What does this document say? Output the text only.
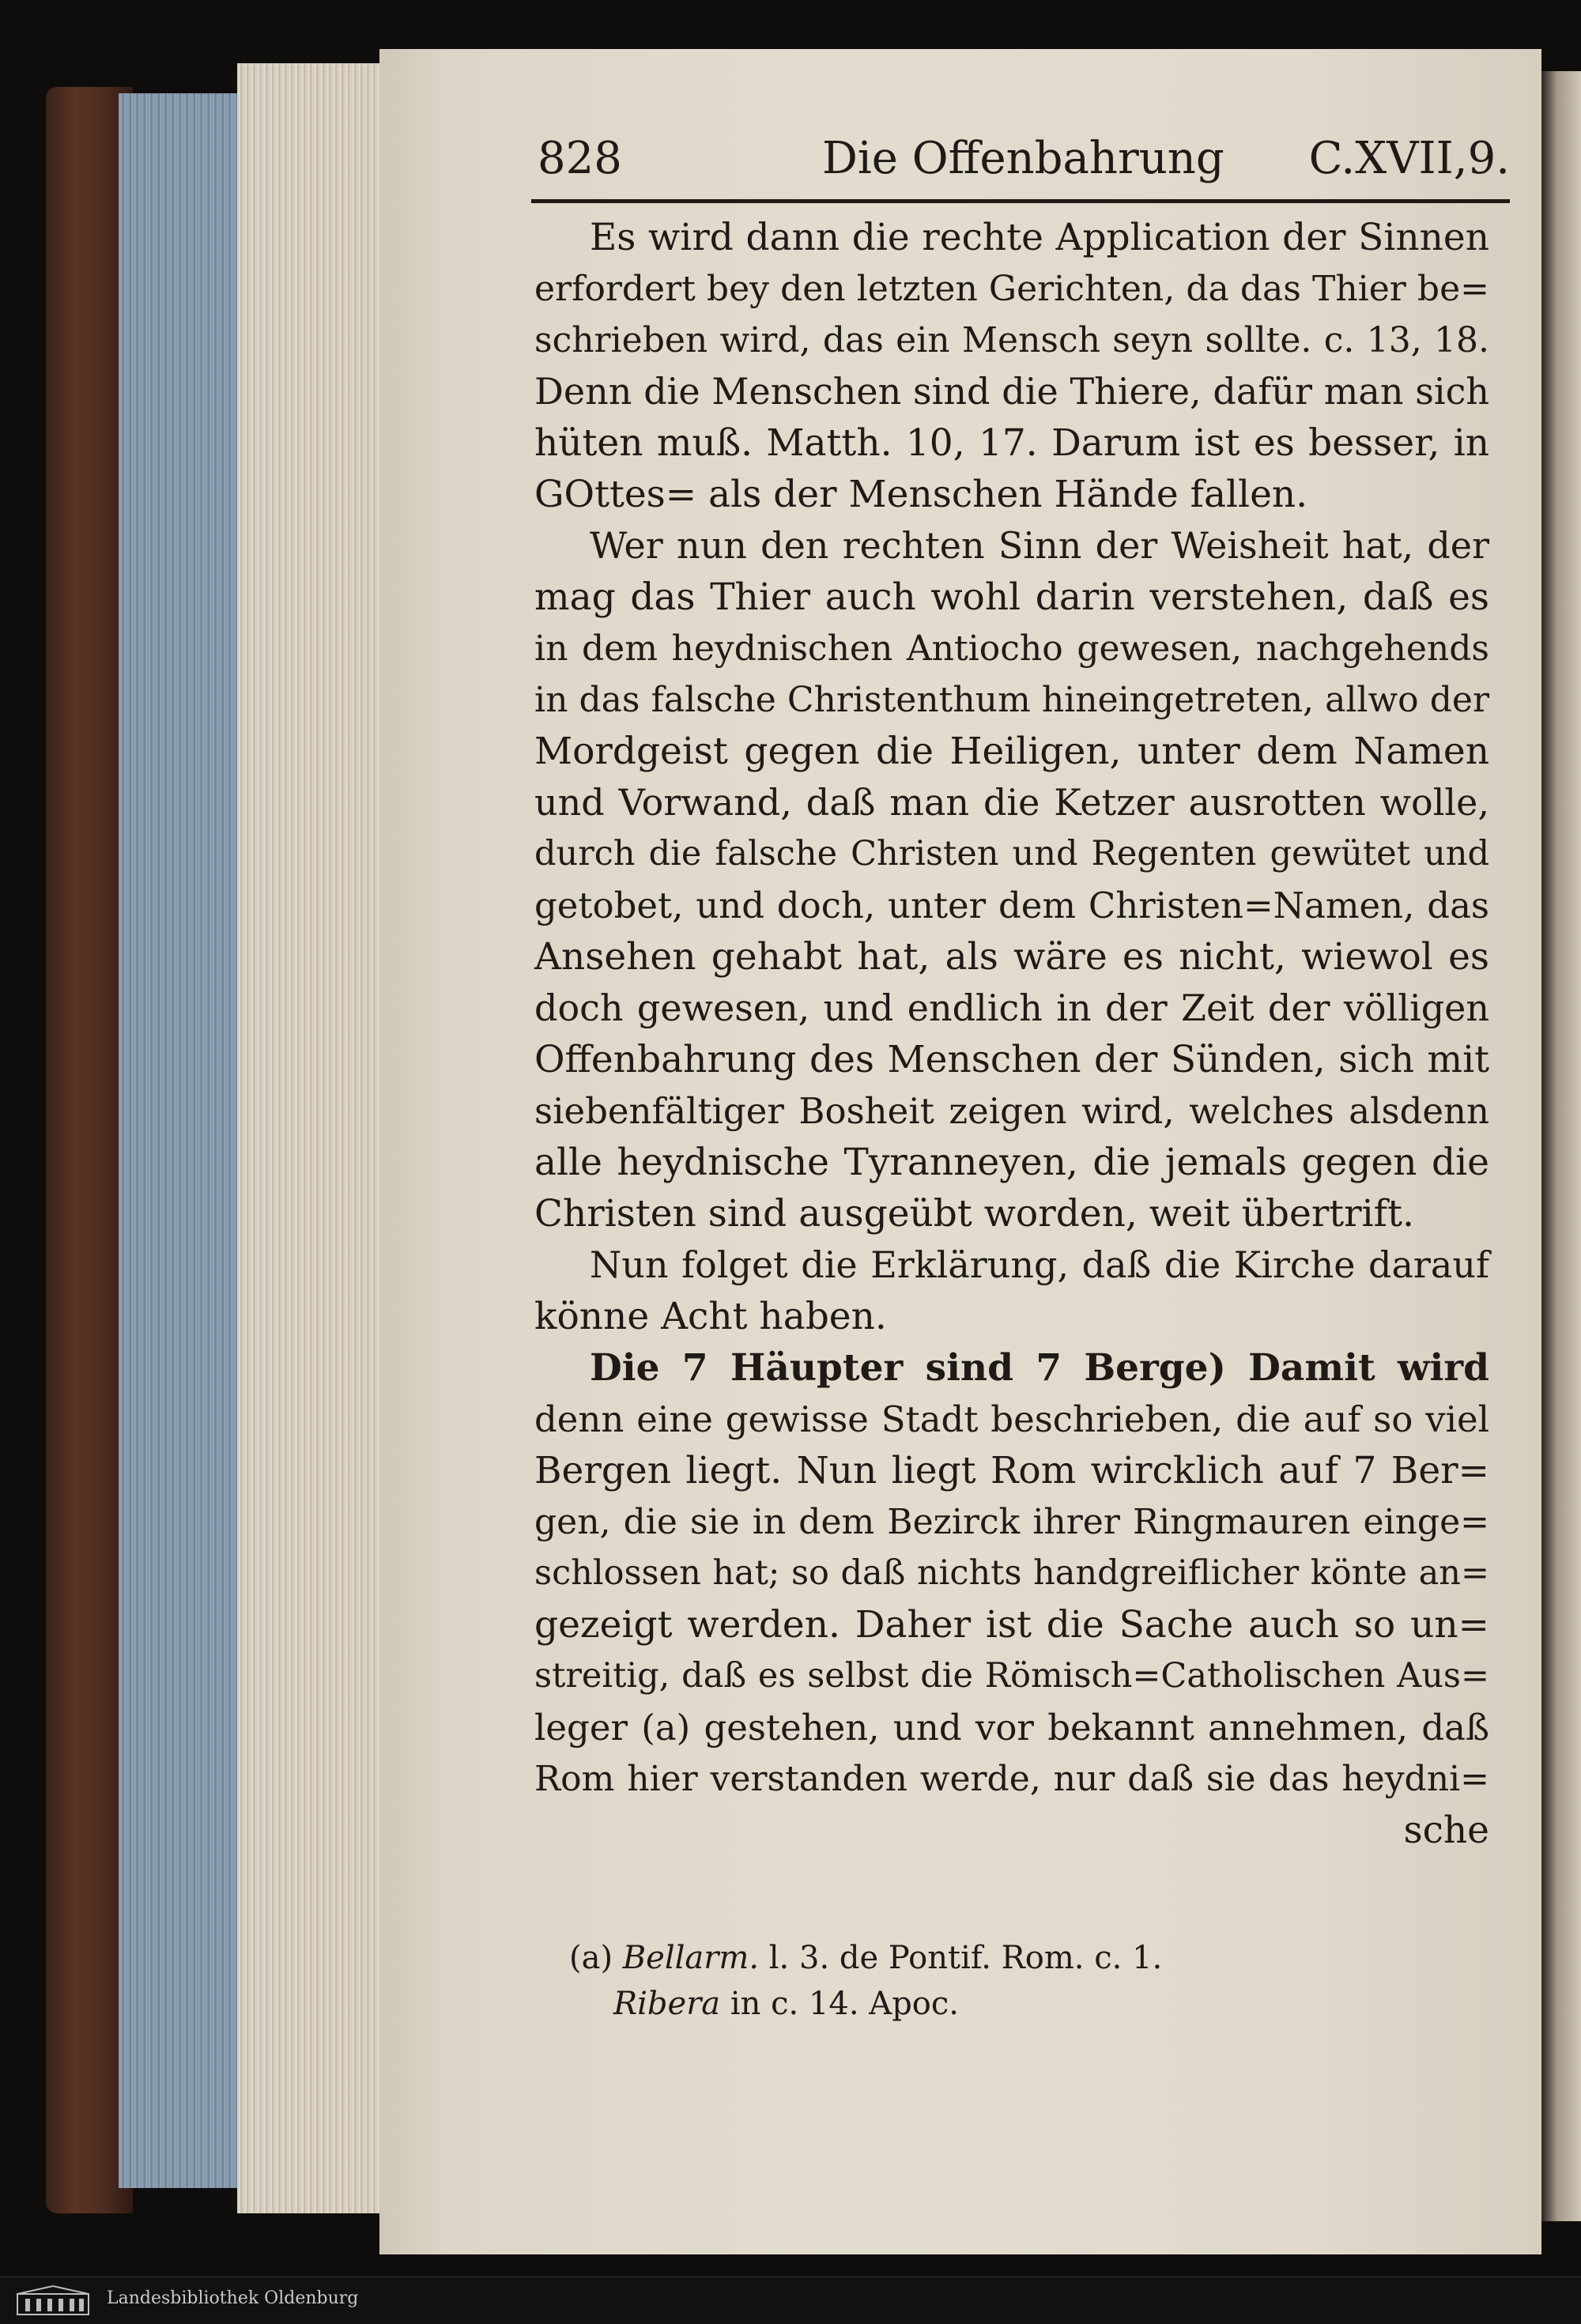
828	Die Offenbahrung C.XVII,9.
Es wird dann die rechte Application der Sinnen
erfordert bey den letzten Gerichten, da das Thier be=
schrieben wird, das ein Mensch seyn sollte. c. 13, 18.
Denn die Menschen sind die Thiere, dafür man sich
hüten muß. Matth. 10, 17. Darum ist es besser, in
GOttes= als der Menschen Hände fallen.
Wer nun den rechten Sinn der Weisheit hat, der
mag das Thier auch wohl darin verstehen, daß es
in dem heydnischen Antiocho gewesen, nachgehends
in das falsche Christenthum hineingetreten, allwo der
Mordgeist gegen die Heiligen, unter dem Namen
und Vorwand, daß man die Ketzer ausrotten wolle,
durch die falsche Christen und Regenten gewütet und
getobet, und doch, unter dem Christen=Namen, das
Ansehen gehabt hat, als wäre es nicht, wiewol es
doch gewesen, und endlich in der Zeit der völligen
Offenbahrung des Menschen der Sünden, sich mit
siebenfältiger Bosheit zeigen wird, welches alsdenn
alle heydnische Tyranneyen, die jemals gegen die
Christen sind ausgeübt worden, weit übertrift.
Nun folget die Erklärung, daß die Kirche darauf
könne Acht haben.
Die 7 Häupter sind 7 Berge) Damit wird
denn eine gewisse Stadt beschrieben, die auf so viel
Bergen liegt. Nun liegt Rom wircklich auf 7 Ber=
gen, die sie in dem Bezirck ihrer Ringmauren einge=
schlossen hat; so daß nichts handgreiflicher könte an=
gezeigt werden. Daher ist die Sache auch so un=
streitig, daß es selbst die Römisch=Catholischen Aus=
leger (a) gestehen, und vor bekannt annehmen, daß
Rom hier verstanden werde, nur daß sie das heydni=
sche
(a) Bellarm. l. 3. de Pontif. Rom. c. 1.
Ribera in c. 14. Apoc.
Landesbibliothek Oldenburg
